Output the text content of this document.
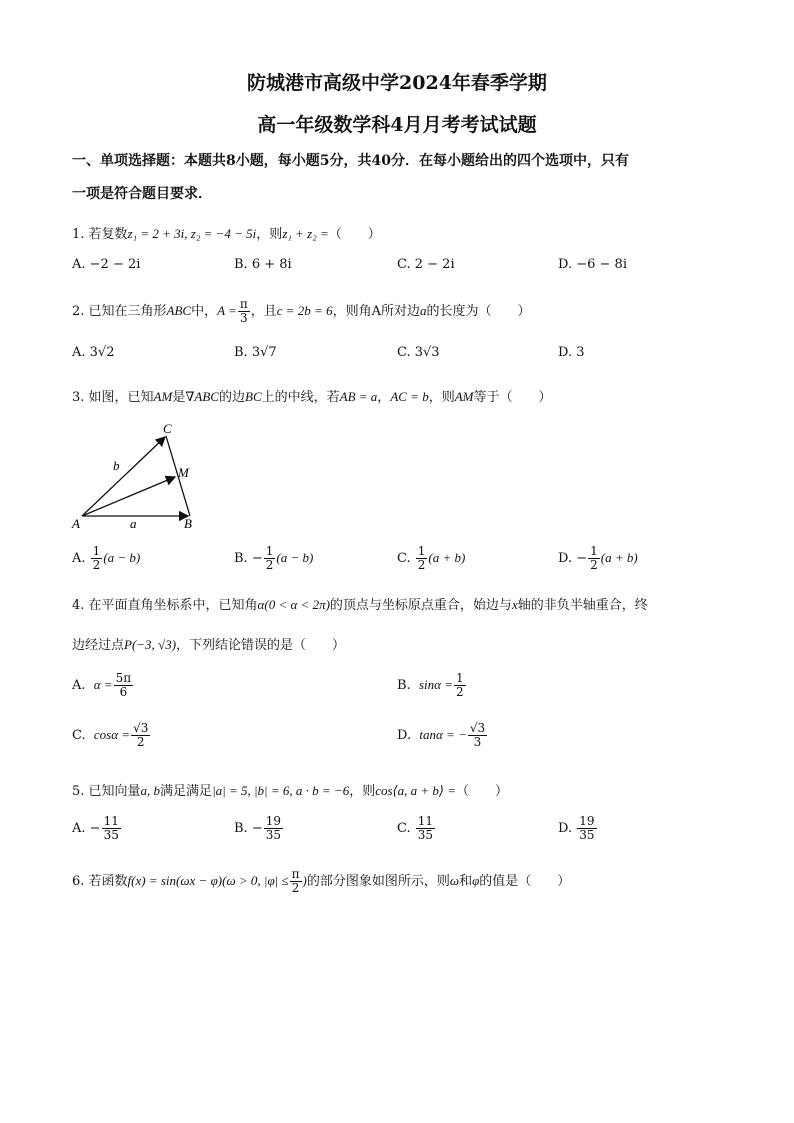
防城港市高级中学2024年春季学期
高一年级数学科4月月考考试试题
一、单项选择题：本题共8小题，每小题5分，共40分．在每小题给出的四个选项中，只有
一项是符合题目要求．
1. 若复数z₁ = 2 + 3i, z₂ = −4 − 5i，则z₁ + z₂ =（　　）
A. −2 − 2i	B. 6 + 8i	C. 2 − 2i	D. −6 − 8i
2. 已知在三角形ABC中，$A = \frac{\pi}{3}$ ，且c = 2b = 6，则角A所对边a的长度为（　　）
A. 3√2	B. 3√7	C. 3√3	D. 3
3. 如图，已知AM是∇ABC的边BC上的中线，若AB = a，AC = b，则AM等于（　　）
A	B
C
M
a
b
A. $\frac{1}{2} (a - b)$	B. − $\frac{1}{2} (a - b)$	C. $\frac{1}{2} (a + b)$	D. − $\frac{1}{2} (a + b)$
4. 在平面直角坐标系中，已知角α(0 < α < 2π)的顶点与坐标原点重合，始边与x轴的非负半轴重合，终
边经过点P(−3, √3)，下列结论错误的是（　　）
A. $\alpha = \frac{5\pi}{6}$	B. $\sin\alpha = \frac{1}{2}$
C. $\cos\alpha = \frac{√3}{2}$	D. tanα = − $\frac{√3}{3}$
5. 已知向量a, b满足满足|a| = 5, |b| = 6, a · b = −6，则cos⟨a, a + b⟩ =（　　）
A. − $\frac{11}{35}$	B. − $\frac{19}{35}$	C. $\frac{11}{35}$	D. $\frac{19}{35}$
6. 若函数f(x) = sin(ωx − φ)(ω > 0, $|\varphi| \le \frac{\pi}{2}$ )的部分图象如图所示，则ω和φ的值是（　　）
